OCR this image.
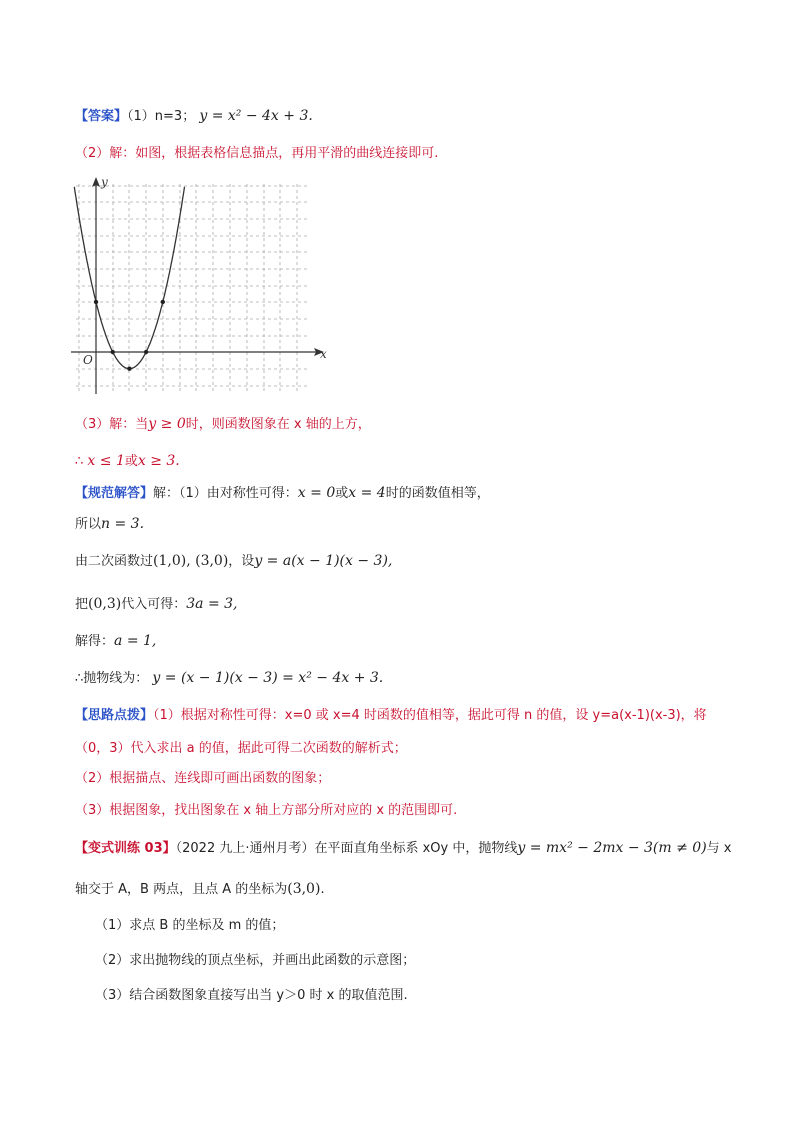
【答案】（1）n=3； y = x² − 4x + 3.
（2）解：如图，根据表格信息描点，再用平滑的曲线连接即可.
y
x
O
（3）解：当y ≥ 0时，则函数图象在 x 轴的上方，
∴ x ≤ 1或x ≥ 3.
【规范解答】解：（1）由对称性可得：x = 0或x = 4时的函数值相等，
所以n = 3.
由二次函数过(1,0), (3,0)，设y = a(x − 1)(x − 3),
把(0,3)代入可得：3a = 3,
解得：a = 1,
∴抛物线为： y = (x − 1)(x − 3) = x² − 4x + 3.
【思路点拨】（1）根据对称性可得：x=0 或 x=4 时函数的值相等，据此可得 n 的值，设 y=a(x-1)(x-3)，将
（0，3）代入求出 a 的值，据此可得二次函数的解析式；
（2）根据描点、连线即可画出函数的图象；
（3）根据图象，找出图象在 x 轴上方部分所对应的 x 的范围即可.
【变式训练 03】（2022 九上·通州月考）在平面直角坐标系 xOy 中，抛物线y = mx² − 2mx − 3(m ≠ 0)与 x
轴交于 A，B 两点，且点 A 的坐标为(3,0).
（1）求点 B 的坐标及 m 的值；
（2）求出抛物线的顶点坐标，并画出此函数的示意图；
（3）结合函数图象直接写出当 y＞0 时 x 的取值范围.
